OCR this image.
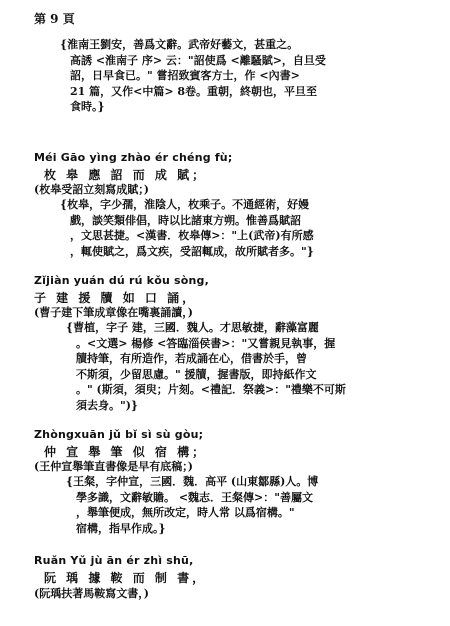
第 9 頁
{淮南王劉安，善爲文辭。武帝好藝文，甚重之。
高誘 <淮南子 序> 云："詔使爲 <離騷賦>，自旦受
詔，日早食已。" 嘗招致賓客方士，作 <內書>
21 篇，又作<中篇> 8卷。重朝，終朝也，平旦至
食時。}
Méi Gāo yìng zhào ér chéng fù;
枚 皋 應 詔 而 成 賦；
(枚皋受詔立刻寫成賦；)
{枚皋，字少孺，淮陰人，枚乘子。不通經術，好嫚
戲，談笑類俳倡，時以比諸東方朔。惟善爲賦詔
，文思甚捷。<漢書．枚皋傳>："上(武帝)有所感
，輒使賦之，爲文疾，受詔輒成，故所賦者多。"}
Zǐjiàn yuán dú rú kǒu sòng,
子 建 援 牘 如 口 誦，
(曹子建下筆成章像在嘴裏誦讀，)
{曹植，字子 建，三國．魏人。才思敏捷，辭藻富麗
。<文選> 楊修 <答臨淄侯書>："又嘗親見執事，握
牘持筆，有所造作，若成誦在心，借書於手，曾
不斯須，少留思慮。" 援牘，握書版，即持紙作文
。" (斯須，須臾；片刻。<禮記．祭義>："禮樂不可斯
須去身。")}
Zhòngxuān jǔ bǐ sì sù gòu;
仲 宣 舉 筆 似 宿 構；
(王仲宣舉筆直書像是早有底稿；)
{王粲，字仲宣，三國．魏．高平 (山東鄒縣)人。博
學多識，文辭敏贍。 <魏志．王粲傳>："善屬文
，舉筆便成，無所改定，時人常 以爲宿構。"
宿構，指早作成。}
Ruǎn Yǔ jù ān ér zhì shū,
阮 瑀 據 鞍 而 制 書，
(阮瑀扶著馬鞍寫文書，)
